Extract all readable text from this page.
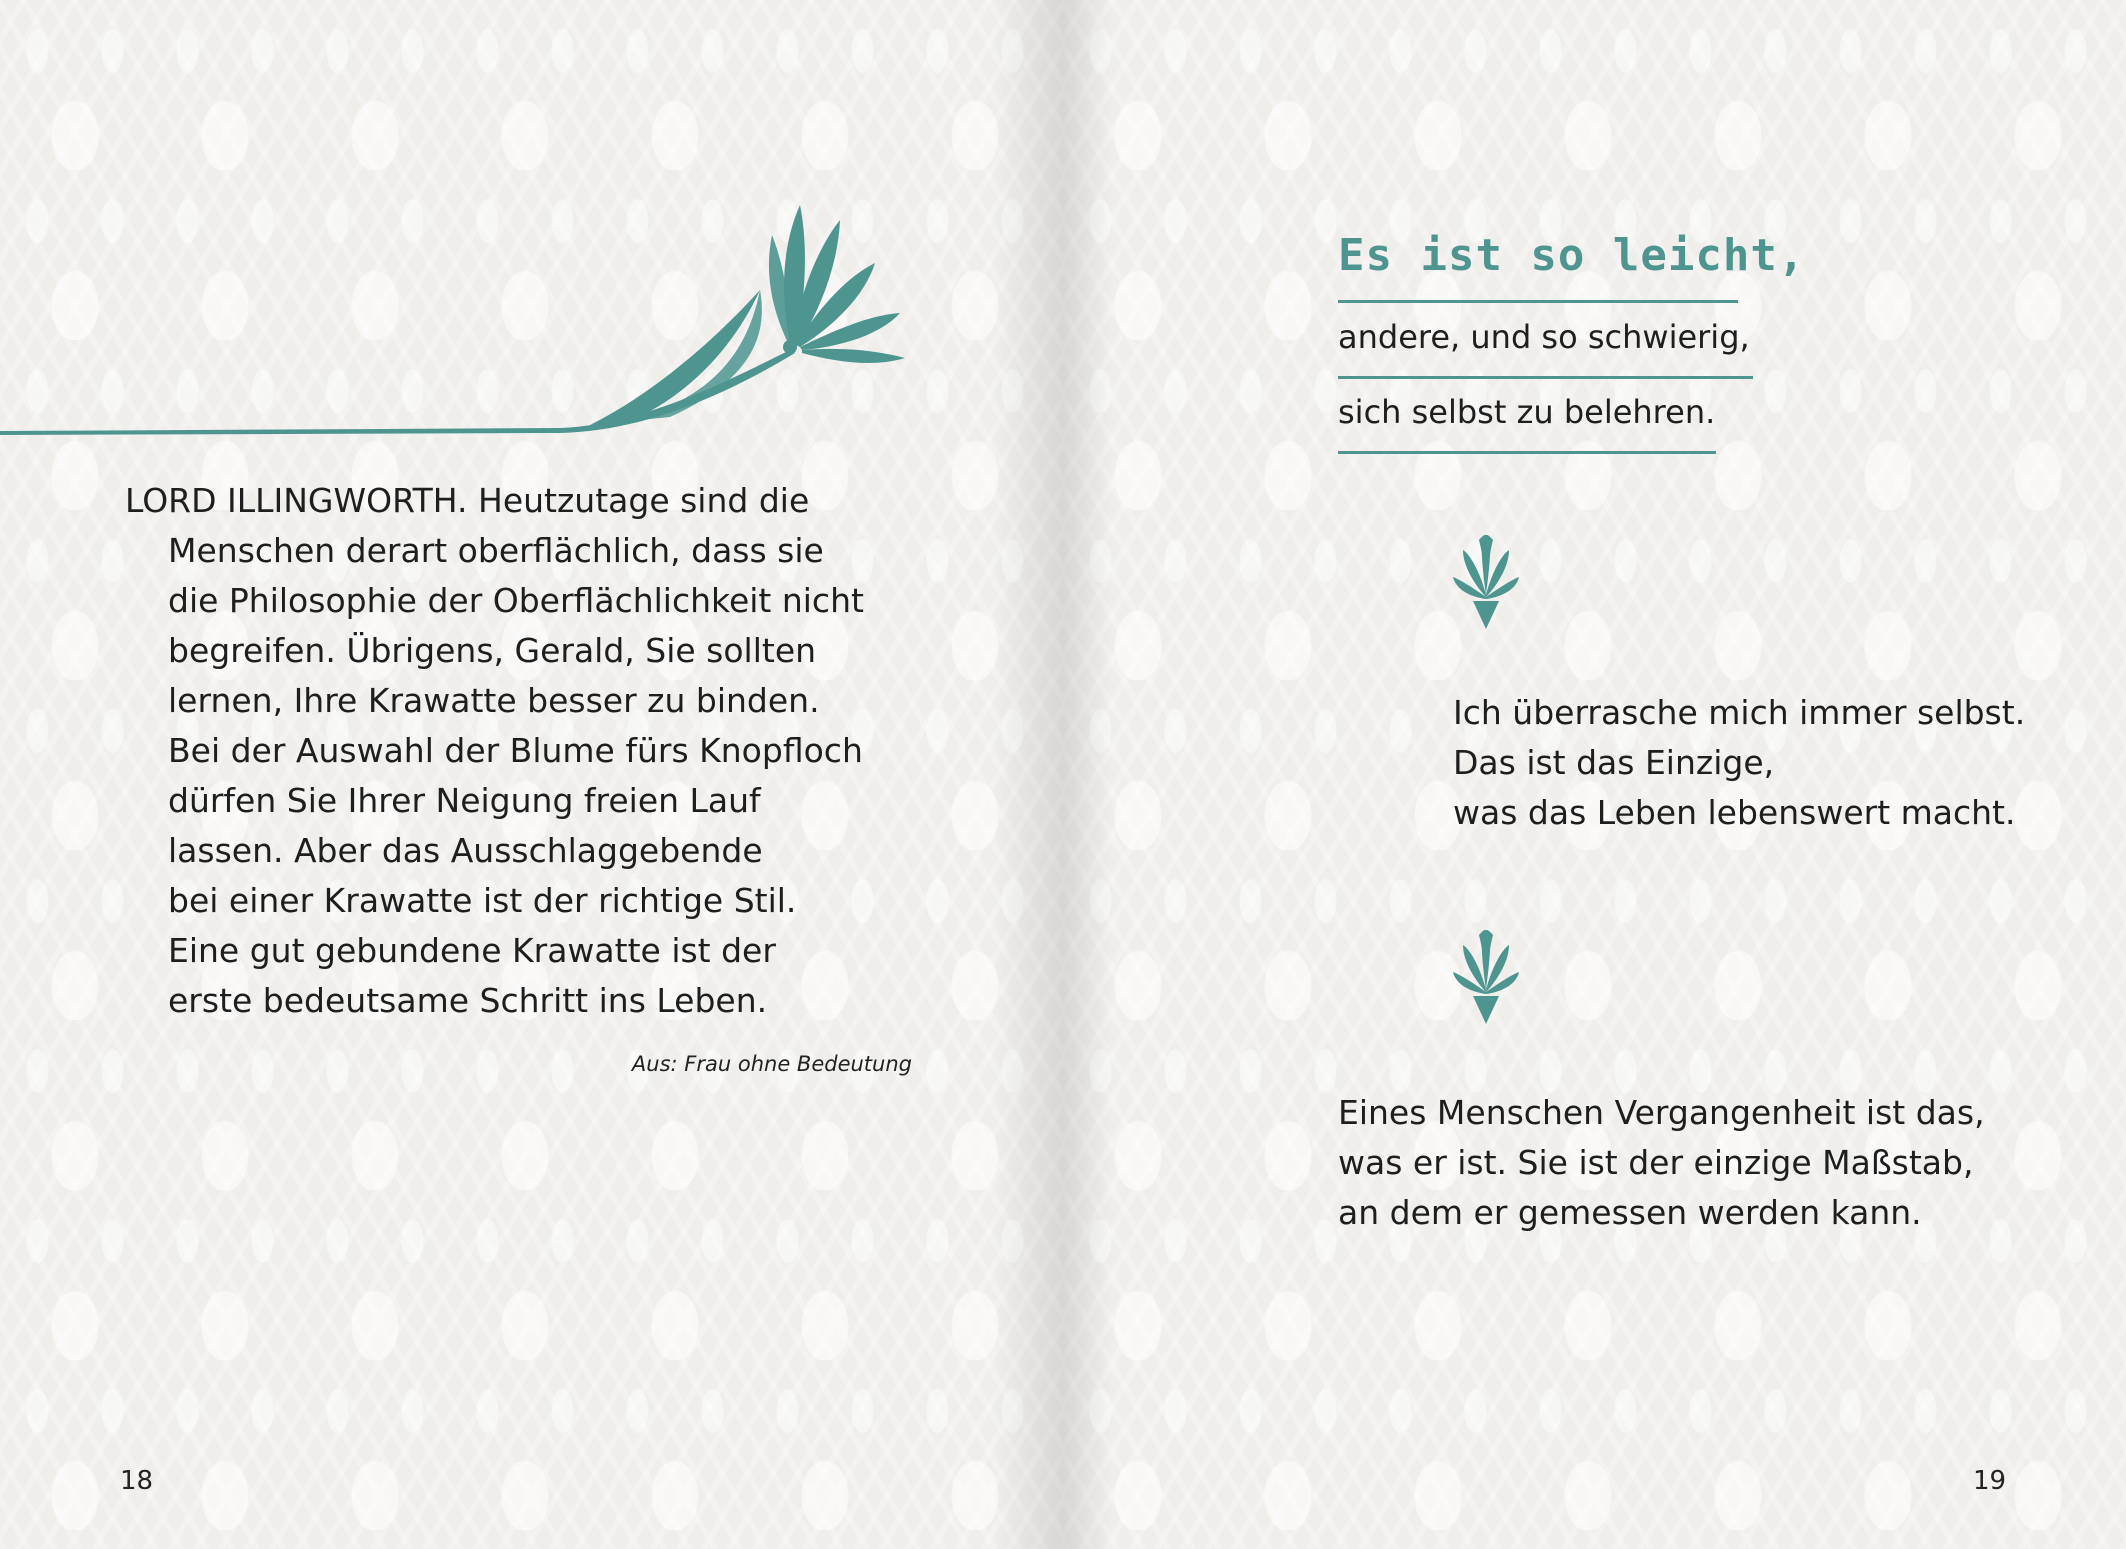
LORD ILLINGWORTH. Heutzutage sind die

Menschen derart oberflächlich, dass sie

die Philosophie der Oberflächlichkeit nicht

begreifen. Übrigens, Gerald, Sie sollten

lernen, Ihre Krawatte besser zu binden.

Bei der Auswahl der Blume fürs Knopfloch

dürfen Sie Ihrer Neigung freien Lauf

lassen. Aber das Ausschlaggebende

bei einer Krawatte ist der richtige Stil.

Eine gut gebundene Krawatte ist der

erste bedeutsame Schritt ins Leben.

Aus: Frau ohne Bedeutung
18
Es ist so leicht,
andere, und so schwierig,
sich selbst zu belehren.

Ich überrasche mich immer selbst.

Das ist das Einzige,

was das Leben lebenswert macht.

Eines Menschen Vergangenheit ist das,

was er ist. Sie ist der einzige Maßstab,

an dem er gemessen werden kann.

19
